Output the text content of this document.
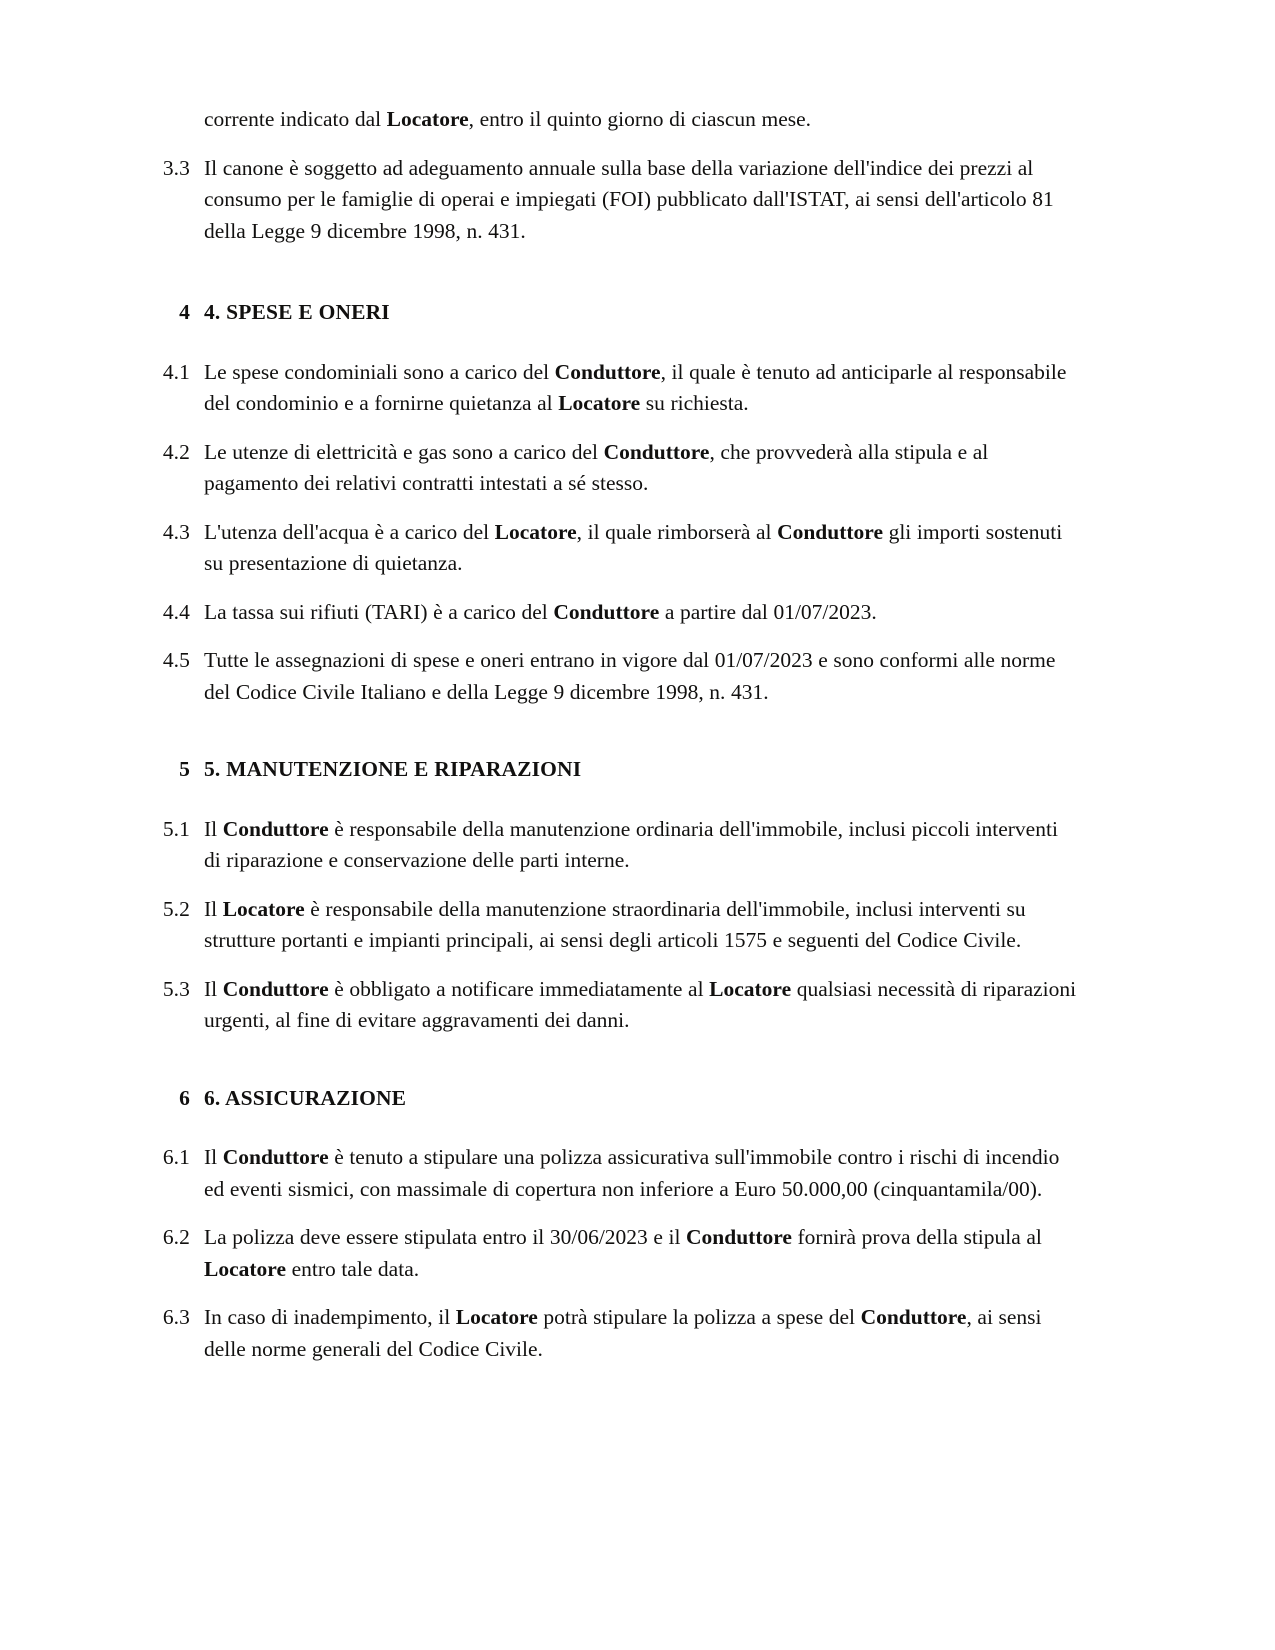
corrente indicato dal Locatore, entro il quinto giorno di ciascun mese.
3.3 Il canone è soggetto ad adeguamento annuale sulla base della variazione dell'indice dei prezzi al consumo per le famiglie di operai e impiegati (FOI) pubblicato dall'ISTAT, ai sensi dell'articolo 81 della Legge 9 dicembre 1998, n. 431.
4 4. SPESE E ONERI
4.1 Le spese condominiali sono a carico del Conduttore, il quale è tenuto ad anticiparle al responsabile del condominio e a fornirne quietanza al Locatore su richiesta.
4.2 Le utenze di elettricità e gas sono a carico del Conduttore, che provvederà alla stipula e al pagamento dei relativi contratti intestati a sé stesso.
4.3 L'utenza dell'acqua è a carico del Locatore, il quale rimborserà al Conduttore gli importi sostenuti su presentazione di quietanza.
4.4 La tassa sui rifiuti (TARI) è a carico del Conduttore a partire dal 01/07/2023.
4.5 Tutte le assegnazioni di spese e oneri entrano in vigore dal 01/07/2023 e sono conformi alle norme del Codice Civile Italiano e della Legge 9 dicembre 1998, n. 431.
5 5. MANUTENZIONE E RIPARAZIONI
5.1 Il Conduttore è responsabile della manutenzione ordinaria dell'immobile, inclusi piccoli interventi di riparazione e conservazione delle parti interne.
5.2 Il Locatore è responsabile della manutenzione straordinaria dell'immobile, inclusi interventi su strutture portanti e impianti principali, ai sensi degli articoli 1575 e seguenti del Codice Civile.
5.3 Il Conduttore è obbligato a notificare immediatamente al Locatore qualsiasi necessità di riparazioni urgenti, al fine di evitare aggravamenti dei danni.
6 6. ASSICURAZIONE
6.1 Il Conduttore è tenuto a stipulare una polizza assicurativa sull'immobile contro i rischi di incendio ed eventi sismici, con massimale di copertura non inferiore a Euro 50.000,00 (cinquantamila/00).
6.2 La polizza deve essere stipulata entro il 30/06/2023 e il Conduttore fornirà prova della stipula al Locatore entro tale data.
6.3 In caso di inadempimento, il Locatore potrà stipulare la polizza a spese del Conduttore, ai sensi delle norme generali del Codice Civile.
